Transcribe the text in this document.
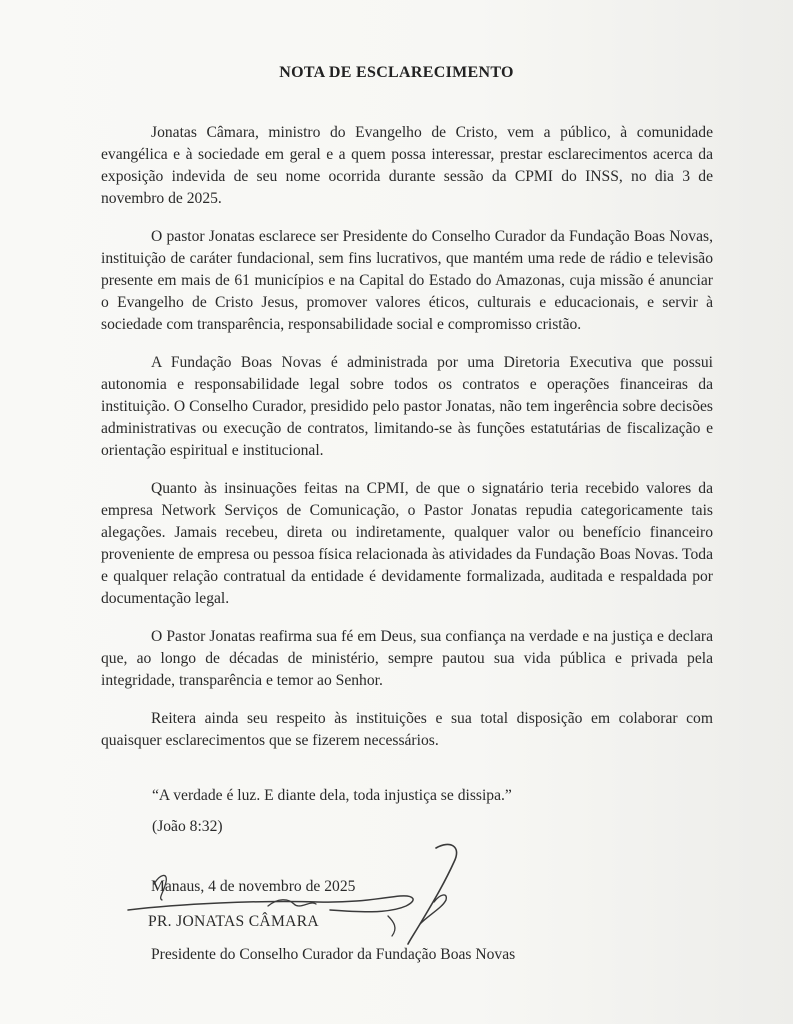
NOTA DE ESCLARECIMENTO

Jonatas Câmara, ministro do Evangelho de Cristo, vem a público, à comunidade evangélica e à sociedade em geral e a quem possa interessar, prestar esclarecimentos acerca da exposição indevida de seu nome ocorrida durante sessão da CPMI do INSS, no dia 3 de novembro de 2025.

O pastor Jonatas esclarece ser Presidente do Conselho Curador da Fundação Boas Novas, instituição de caráter fundacional, sem fins lucrativos, que mantém uma rede de rádio e televisão presente em mais de 61 municípios e na Capital do Estado do Amazonas, cuja missão é anunciar o Evangelho de Cristo Jesus, promover valores éticos, culturais e educacionais, e servir à sociedade com transparência, responsabilidade social e compromisso cristão.

A Fundação Boas Novas é administrada por uma Diretoria Executiva que possui autonomia e responsabilidade legal sobre todos os contratos e operações financeiras da instituição. O Conselho Curador, presidido pelo pastor Jonatas, não tem ingerência sobre decisões administrativas ou execução de contratos, limitando-se às funções estatutárias de fiscalização e orientação espiritual e institucional.

Quanto às insinuações feitas na CPMI, de que o signatário teria recebido valores da empresa Network Serviços de Comunicação, o Pastor Jonatas repudia categoricamente tais alegações. Jamais recebeu, direta ou indiretamente, qualquer valor ou benefício financeiro proveniente de empresa ou pessoa física relacionada às atividades da Fundação Boas Novas. Toda e qualquer relação contratual da entidade é devidamente formalizada, auditada e respaldada por documentação legal.

O Pastor Jonatas reafirma sua fé em Deus, sua confiança na verdade e na justiça e declara que, ao longo de décadas de ministério, sempre pautou sua vida pública e privada pela integridade, transparência e temor ao Senhor.

Reitera ainda seu respeito às instituições e sua total disposição em colaborar com quaisquer esclarecimentos que se fizerem necessários.

“A verdade é luz. E diante dela, toda injustiça se dissipa.”
(João 8:32)
Manaus, 4 de novembro de 2025
PR. JONATAS CÂMARA
Presidente do Conselho Curador da Fundação Boas Novas
